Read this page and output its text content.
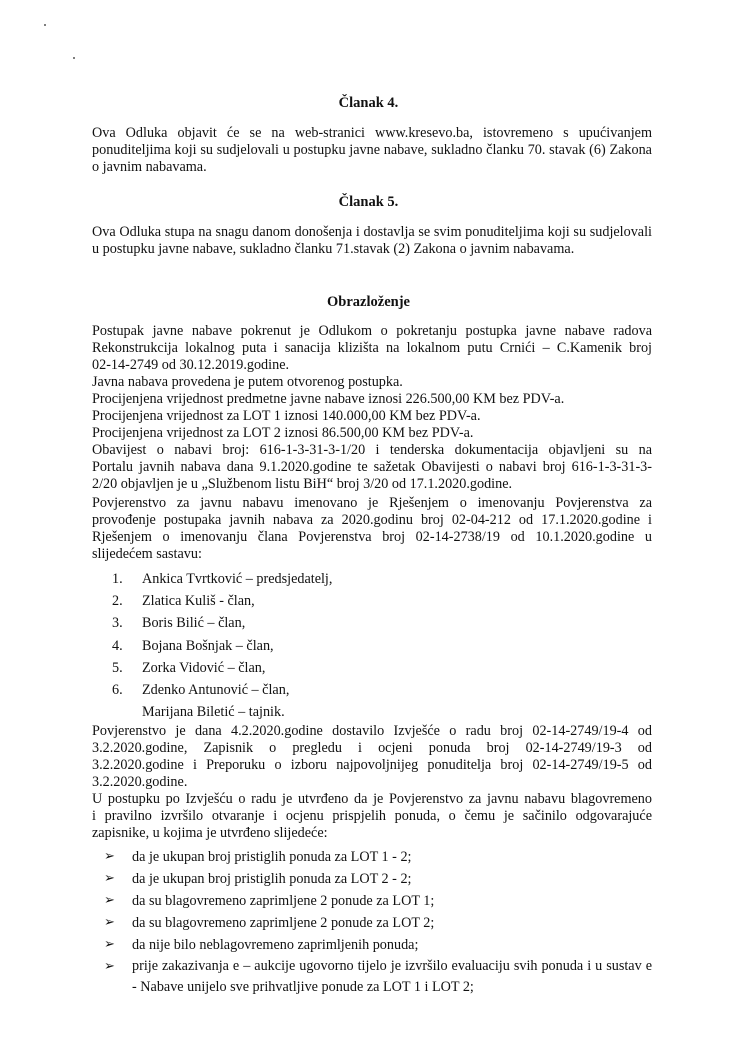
Članak 4.

Ova Odluka objavit će se na web-stranici www.kresevo.ba, istovremeno s upućivanjem ponuditeljima koji su sudjelovali u postupku javne nabave, sukladno članku 70. stavak (6) Zakona o javnim nabavama.

Članak 5.

Ova Odluka stupa na snagu danom donošenja i dostavlja se svim ponuditeljima koji su sudjelovali u postupku javne nabave, sukladno članku 71.stavak (2) Zakona o javnim nabavama.

Obrazloženje
Postupak javne nabave pokrenut je Odlukom o pokretanju postupka javne nabave radova
Rekonstrukcija lokalnog puta i sanacija klizišta na lokalnom putu Crnići – C.Kamenik broj
02-14-2749 od 30.12.2019.godine.
Javna nabava provedena je putem otvorenog postupka.
Procijenjena vrijednost predmetne javne nabave iznosi 226.500,00 KM bez PDV-a.
Procijenjena vrijednost za LOT 1 iznosi 140.000,00 KM bez PDV-a.
Procijenjena vrijednost za LOT 2 iznosi 86.500,00 KM bez PDV-a.
Obavijest o nabavi broj: 616-1-3-31-3-1/20 i tenderska dokumentacija objavljeni su na
Portalu javnih nabava dana 9.1.2020.godine te sažetak Obavijesti o nabavi broj 616-1-3-31-3-
2/20 objavljen je u „Službenom listu BiH“ broj 3/20 od 17.1.2020.godine.
Povjerenstvo za javnu nabavu imenovano je Rješenjem o imenovanju Povjerenstva za
provođenje postupaka javnih nabava za 2020.godinu broj 02-04-212 od 17.1.2020.godine i
Rješenjem o imenovanju člana Povjerenstva broj 02-14-2738/19 od 10.1.2020.godine u
slijedećem sastavu:
1. Ankica Tvrtković – predsjedatelj,
2. Zlatica Kuliš - član,
3. Boris Bilić – član,
4. Bojana Bošnjak – član,
5. Zorka Vidović – član,
6. Zdenko Antunović – član,
Marijana Biletić – tajnik.
Povjerenstvo je dana 4.2.2020.godine dostavilo Izvješće o radu broj 02-14-2749/19-4 od
3.2.2020.godine, Zapisnik o pregledu i ocjeni ponuda broj 02-14-2749/19-3 od
3.2.2020.godine i Preporuku o izboru najpovoljnijeg ponuditelja broj 02-14-2749/19-5 od
3.2.2020.godine.
U postupku po Izvješću o radu je utvrđeno da je Povjerenstvo za javnu nabavu blagovremeno
i pravilno izvršilo otvaranje i ocjenu prispjelih ponuda, o čemu je sačinilo odgovarajuće
zapisnike, u kojima je utvrđeno slijedeće:
➢ da je ukupan broj pristiglih ponuda za LOT 1 - 2;
➢ da je ukupan broj pristiglih ponuda za LOT 2 - 2;
➢ da su blagovremeno zaprimljene 2 ponude za LOT 1;
➢ da su blagovremeno zaprimljene 2 ponude za LOT 2;
➢ da nije bilo neblagovremeno zaprimljenih ponuda;
➢ prije zakazivanja e – aukcije ugovorno tijelo je izvršilo evaluaciju svih ponuda i u sustav e - Nabave unijelo sve prihvatljive ponude za LOT 1 i LOT 2;
